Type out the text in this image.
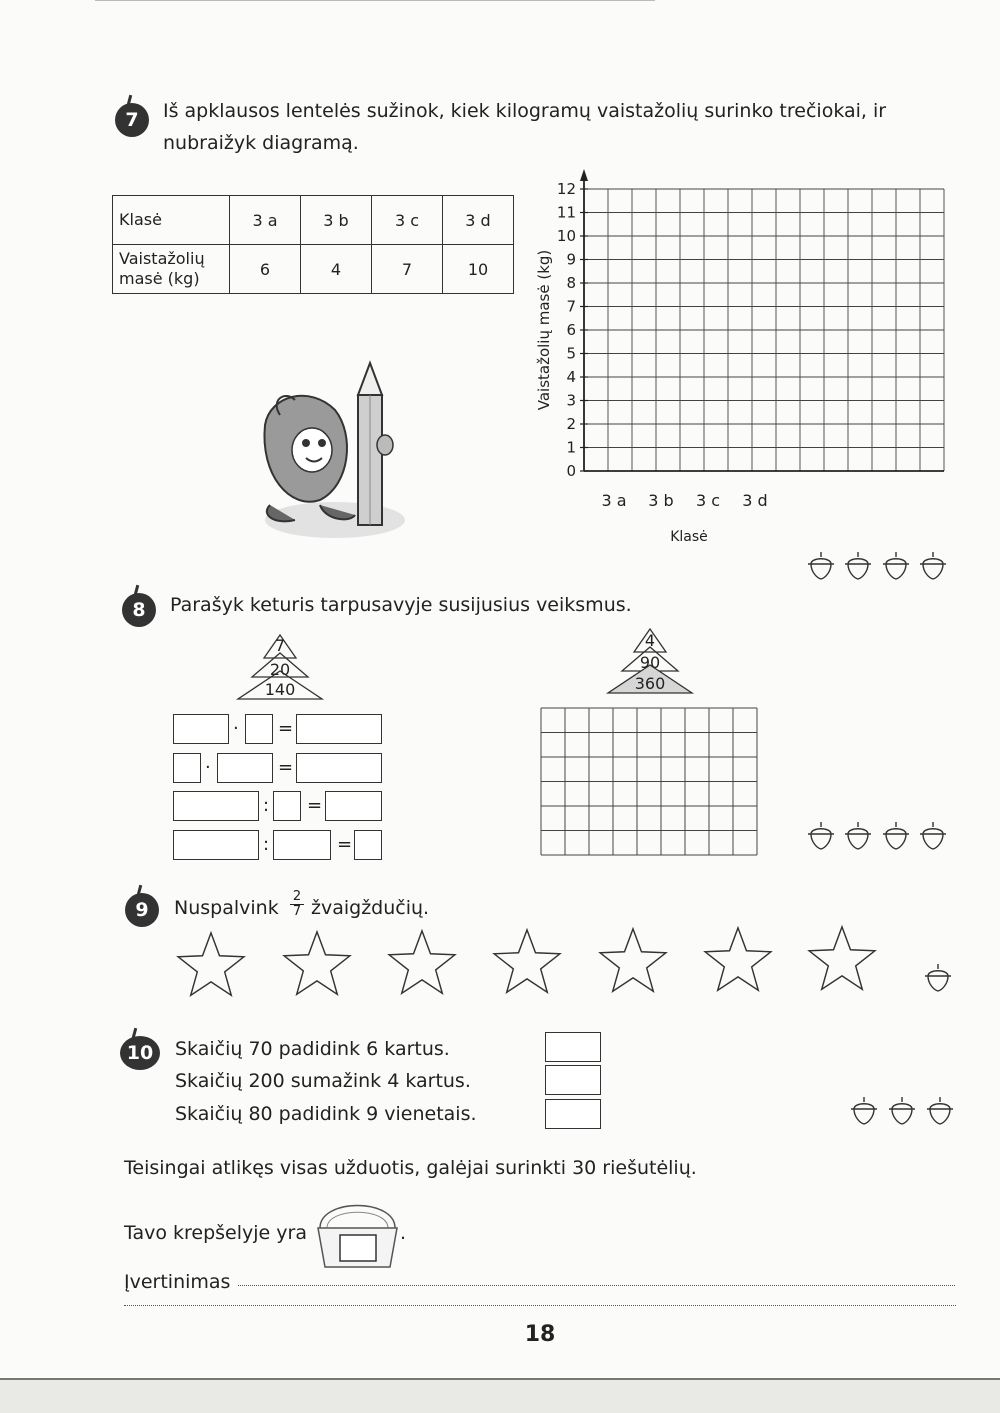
7	Iš apklausos lentelės sužinok, kiek kilogramų vaistažolių surinko trečiokai, ir
nubraižyk diagramą.
Klasė	3 a	3 b	3 c	3 d
Vaistažolių masė (kg)	6	4	7	10
0
1
2
3
4
5
6
7
8
9
10
11
12
3 a 3 b 3 c 3 d
Klasė
Vaistažolių masė (kg)
8	Parašyk keturis tarpusavyje susijusius veiksmus.
7
20
140
4
90
360
· =
·	=
: =
:	=
9	Nuspalvink $\frac{2}{7}$ žvaigždučių.
10	Skaičių 70 padidink 6 kartus.
Skaičių 200 sumažink 4 kartus.
Skaičių 80 padidink 9 vienetais.
Teisingai atlikęs visas užduotis, galėjai surinkti 30 riešutėlių.
Tavo krepšelyje yra	.
Įvertinimas
18
